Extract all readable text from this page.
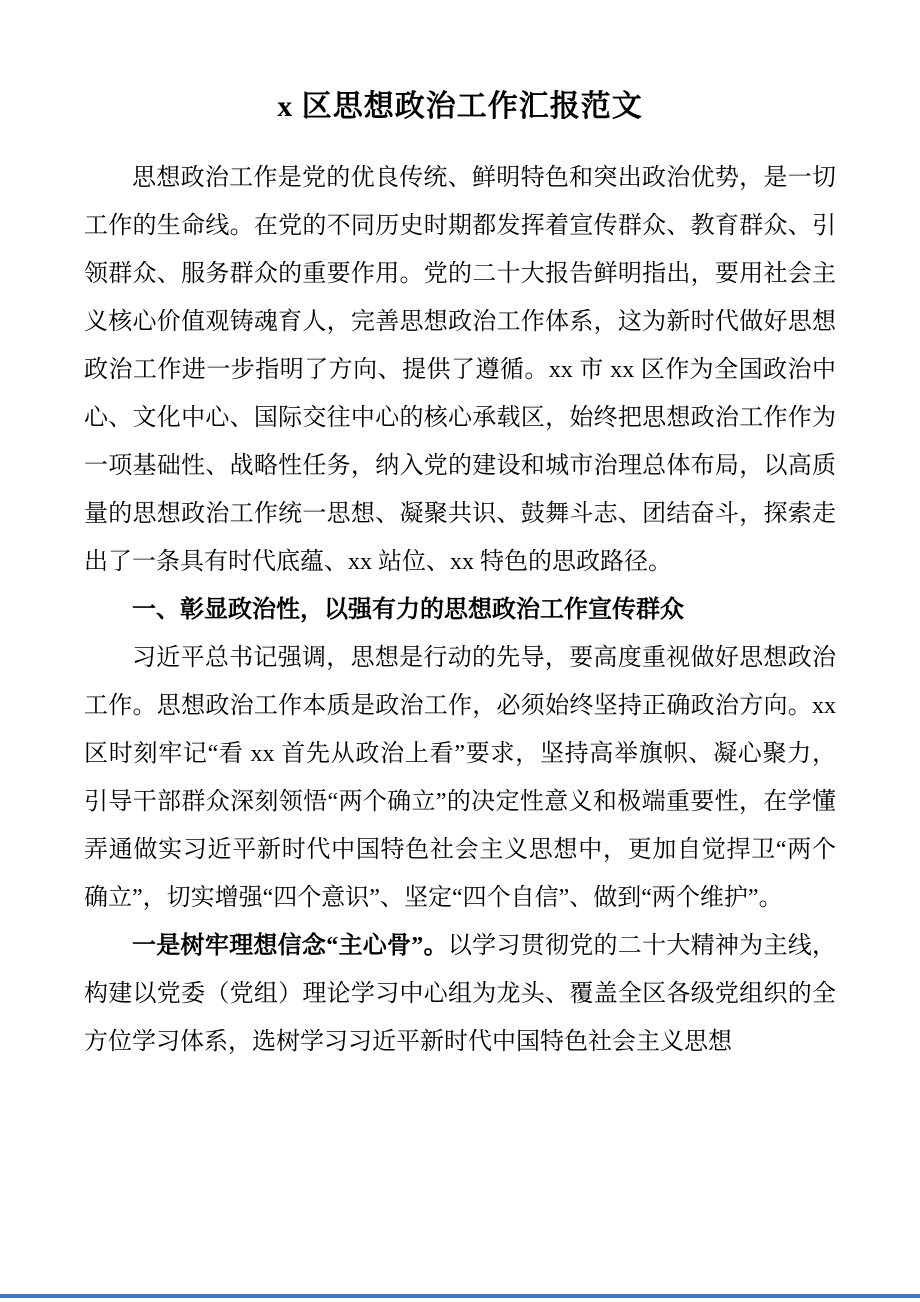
x 区思想政治工作汇报范文

思想政治工作是党的优良传统、鲜明特色和突出政治优势，是一切工作的生命线。在党的不同历史时期都发挥着宣传群众、教育群众、引领群众、服务群众的重要作用。党的二十大报告鲜明指出，要用社会主义核心价值观铸魂育人，完善思想政治工作体系，这为新时代做好思想政治工作进一步指明了方向、提供了遵循。xx 市 xx 区作为全国政治中心、文化中心、国际交往中心的核心承载区，始终把思想政治工作作为一项基础性、战略性任务，纳入党的建设和城市治理总体布局，以高质量的思想政治工作统一思想、凝聚共识、鼓舞斗志、团结奋斗，探索走出了一条具有时代底蕴、xx 站位、xx 特色的思政路径。

一、彰显政治性，以强有力的思想政治工作宣传群众

习近平总书记强调，思想是行动的先导，要高度重视做好思想政治工作。思想政治工作本质是政治工作，必须始终坚持正确政治方向。xx 区时刻牢记“看 xx 首先从政治上看”要求，坚持高举旗帜、凝心聚力，引导干部群众深刻领悟“两个确立”的决定性意义和极端重要性，在学懂弄通做实习近平新时代中国特色社会主义思想中，更加自觉捍卫“两个确立”，切实增强“四个意识”、坚定“四个自信”、做到“两个维护”。

一是树牢理想信念“主心骨”。以学习贯彻党的二十大精神为主线，构建以党委（党组）理论学习中心组为龙头、覆盖全区各级党组织的全方位学习体系，选树学习习近平新时代中国特色社会主义思想
